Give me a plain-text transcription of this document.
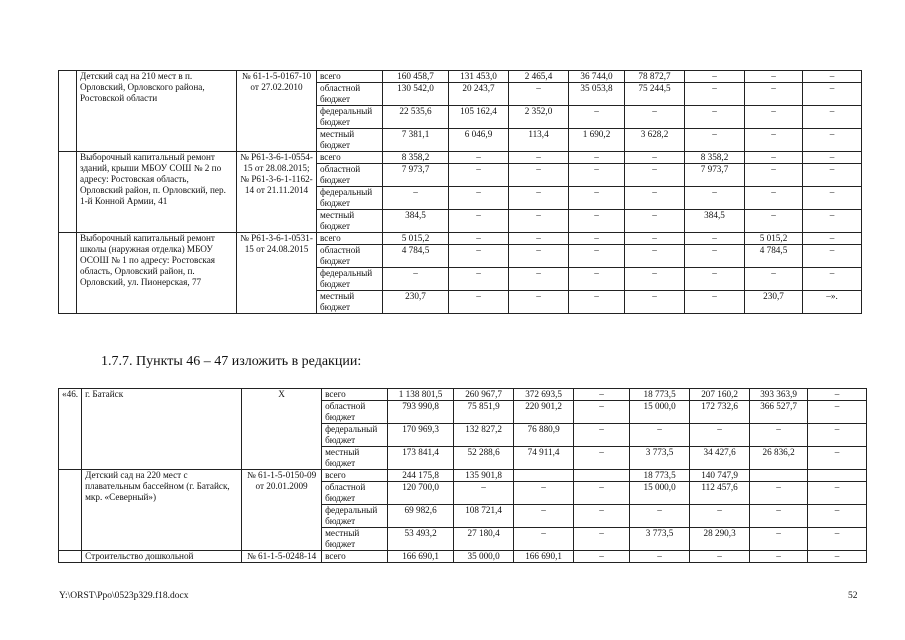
	Детский сад на 210 мест в п. Орловский, Орловского района, Ростовской области	№ 61-1-5-0167-10 от 27.02.2010	всего	160 458,7	131 453,0	2 465,4	36 744,0	78 872,7	–	–	–
			областной бюджет	130 542,0	20 243,7	–	35 053,8	75 244,5	–	–	–
			федеральный бюджет	22 535,6	105 162,4	2 352,0	–	–	–	–	–
			местный бюджет	7 381,1	6 046,9	113,4	1 690,2	3 628,2	–	–	–
	Выборочный капитальный ремонт зданий, крыши МБОУ СОШ № 2 по адресу: Ростовская область, Орловский район, п. Орловский, пер. 1-й Конной Армии, 41	№ Р61-3-6-1-0554-15 от 28.08.2015; № Р61-3-6-1-1162-14 от 21.11.2014	всего	8 358,2	–	–	–	–	8 358,2	–	–
			областной бюджет	7 973,7	–	–	–	–	7 973,7	–	–
			федеральный бюджет	–	–	–	–	–	–	–	–
			местный бюджет	384,5	–	–	–	–	384,5	–	–
	Выборочный капитальный ремонт школы (наружная отделка) МБОУ ОСОШ № 1 по адресу: Ростовская область, Орловский район, п. Орловский, ул. Пионерская, 77	№ Р61-3-6-1-0531-15 от 24.08.2015	всего	5 015,2	–	–	–	–	–	5 015,2	–
			областной бюджет	4 784,5	–	–	–	–	–	4 784,5	–
			федеральный бюджет	–	–	–	–	–	–	–	–
			местный бюджет	230,7	–	–	–	–	–	230,7	–».
1.7.7. Пункты 46 – 47 изложить в редакции:
«46.	г. Батайск	Х	всего	1 138 801,5	260 967,7	372 693,5	–	18 773,5	207 160,2	393 363,9	–
			областной бюджет	793 990,8	75 851,9	220 901,2	–	15 000,0	172 732,6	366 527,7	–
			федеральный бюджет	170 969,3	132 827,2	76 880,9	–	–	–	–	–
			местный бюджет	173 841,4	52 288,6	74 911,4	–	3 773,5	34 427,6	26 836,2	–
	Детский сад на 220 мест с плавательным бассейном (г. Батайск, мкр. «Северный»)	№ 61-1-5-0150-09 от 20.01.2009	всего	244 175,8	135 901,8			18 773,5	140 747,9		
			областной бюджет	120 700,0	–	–	–	15 000,0	112 457,6	–	–
			федеральный бюджет	69 982,6	108 721,4	–	–	–	–	–	–
			местный бюджет	53 493,2	27 180,4	–	–	3 773,5	28 290,3	–	–
	Строительство дошкольной	№ 61-1-5-0248-14	всего	166 690,1	35 000,0	166 690,1	–	–	–	–	–
Y:\ORST\Ppo\0523p329.f18.docx	52
